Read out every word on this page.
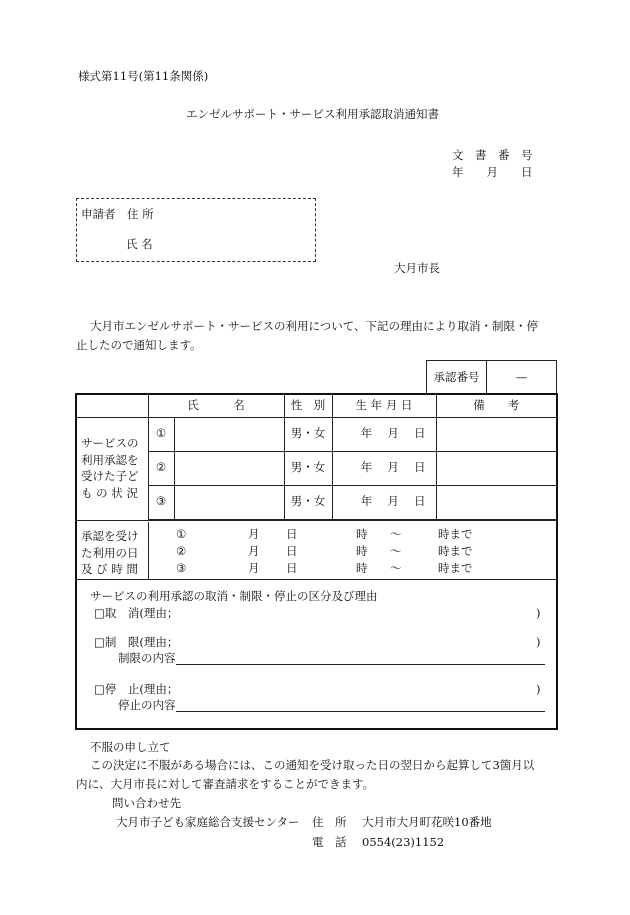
様式第11号(第11条関係)
エンゼルサポート・サービス利用承認取消通知書
文　書　番　号
年　　月　　日
申請者　住 所
氏 名
大月市長
大月市エンゼルサポート・サービスの利用について、下記の理由により取消・制限・停
止したので通知します。
承認番号	—
	氏　　　名		性　別	生 年 月 日	備　　考

サービスの
利用承認を
受けた子ど
も の 状 況	①		男・女	年　 月　 日	
	②		男・女	年　 月　 日	
	③		男・女	年　 月　 日	
承認を受け
た利用の日
及 び 時 間
①	月 日	時 〜	時まで
②	月 日	時 〜	時まで
③	月 日	時 〜	時まで
サービスの利用承認の取消・制限・停止の区分及び理由
□取　消(理由；	)
□制　限(理由；	)
制限の内容
□停　止(理由；	)
停止の内容
不服の申し立て
この決定に不服がある場合には、この通知を受け取った日の翌日から起算して3箇月以
内に、大月市長に対して審査請求をすることができます。
問い合わせ先
大月市子ども家庭総合支援センター 住　所 大月市大月町花咲10番地
電　話 0554(23)1152
